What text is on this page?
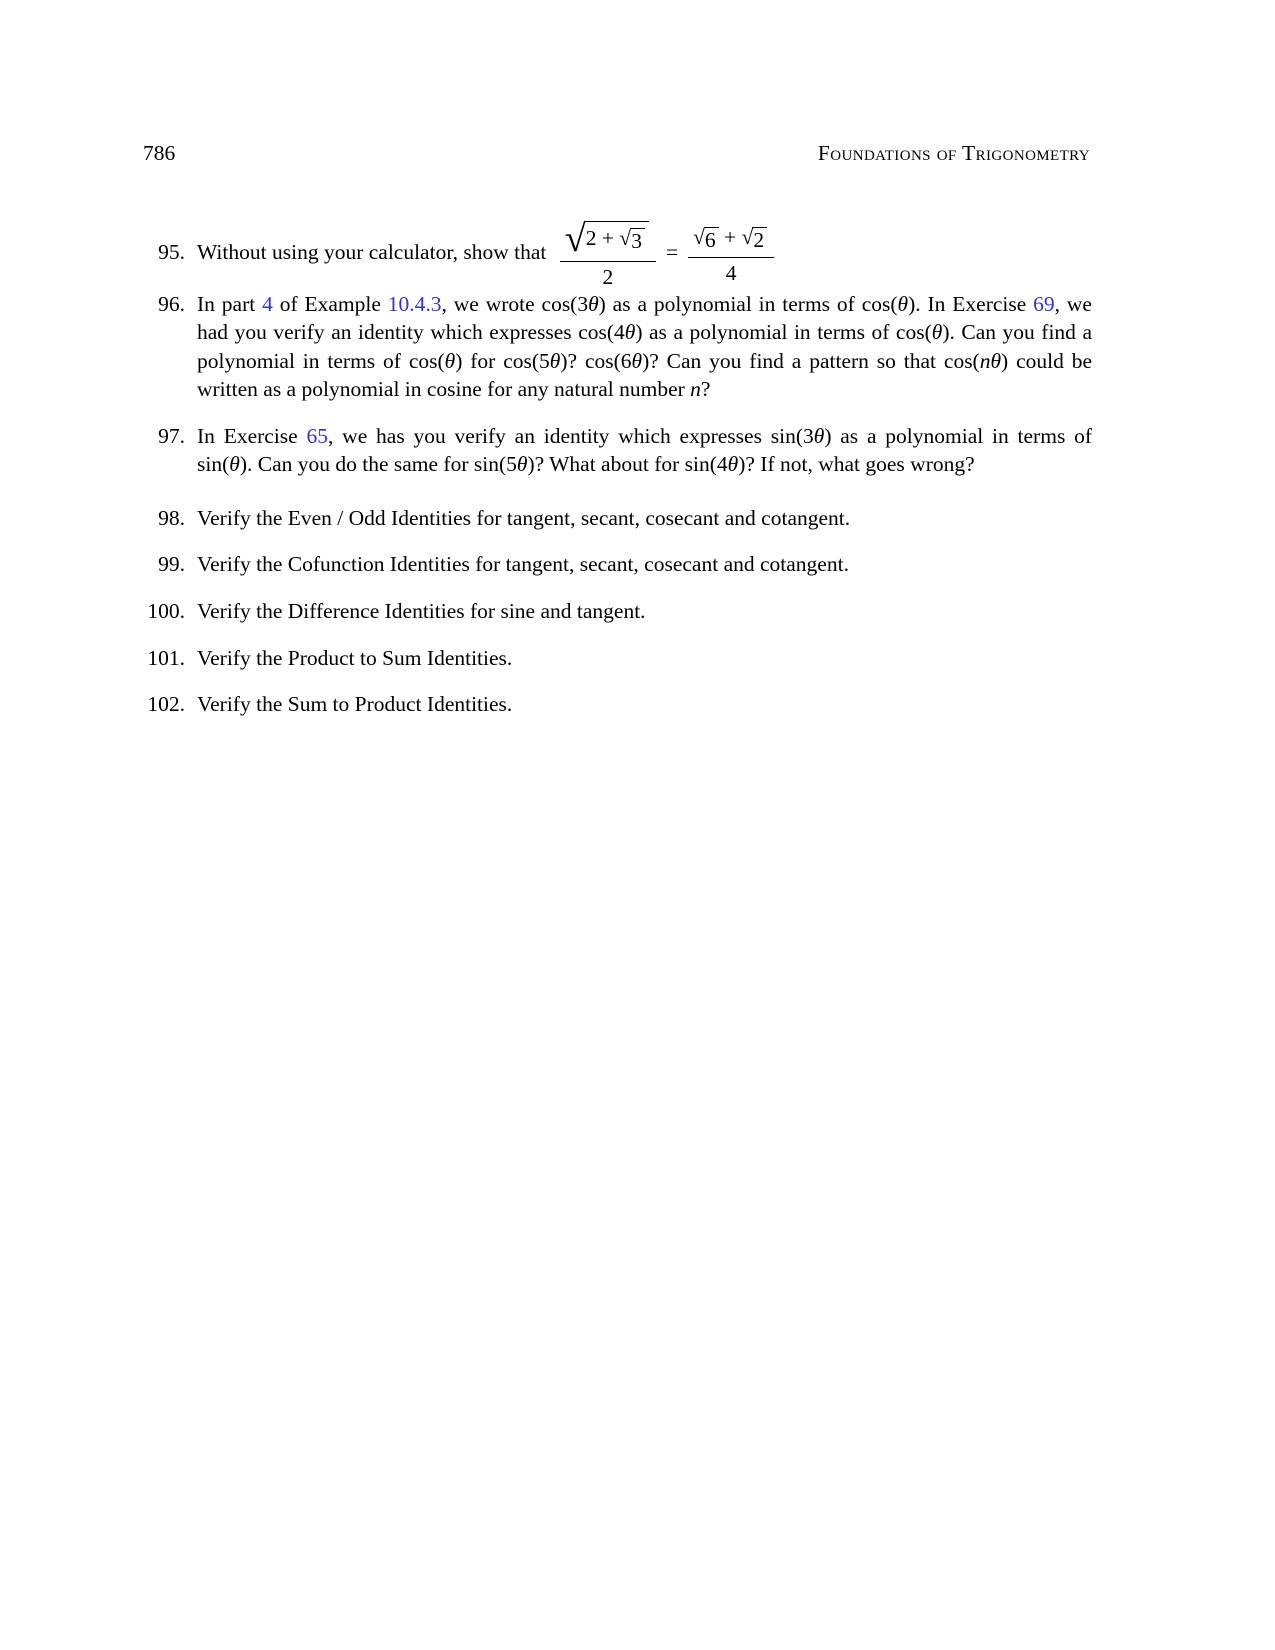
786	Foundations of Trigonometry
95. Without using your calculator, show that $\frac{√ 2 + √ 3}{2} = \frac{√ 6 + √ 2}{4}$
96. In part 4 of Example 10.4.3, we wrote cos(3θ) as a polynomial in terms of cos(θ). In Exercise 69, we had you verify an identity which expresses cos(4θ) as a polynomial in terms of cos(θ). Can you find a polynomial in terms of cos(θ) for cos(5θ)? cos(6θ)? Can you find a pattern so that cos(nθ) could be written as a polynomial in cosine for any natural number n?
97. In Exercise 65, we has you verify an identity which expresses sin(3θ) as a polynomial in terms of sin(θ). Can you do the same for sin(5θ)? What about for sin(4θ)? If not, what goes wrong?
98. Verify the Even / Odd Identities for tangent, secant, cosecant and cotangent.
99. Verify the Cofunction Identities for tangent, secant, cosecant and cotangent.
100. Verify the Difference Identities for sine and tangent.
101. Verify the Product to Sum Identities.
102. Verify the Sum to Product Identities.
